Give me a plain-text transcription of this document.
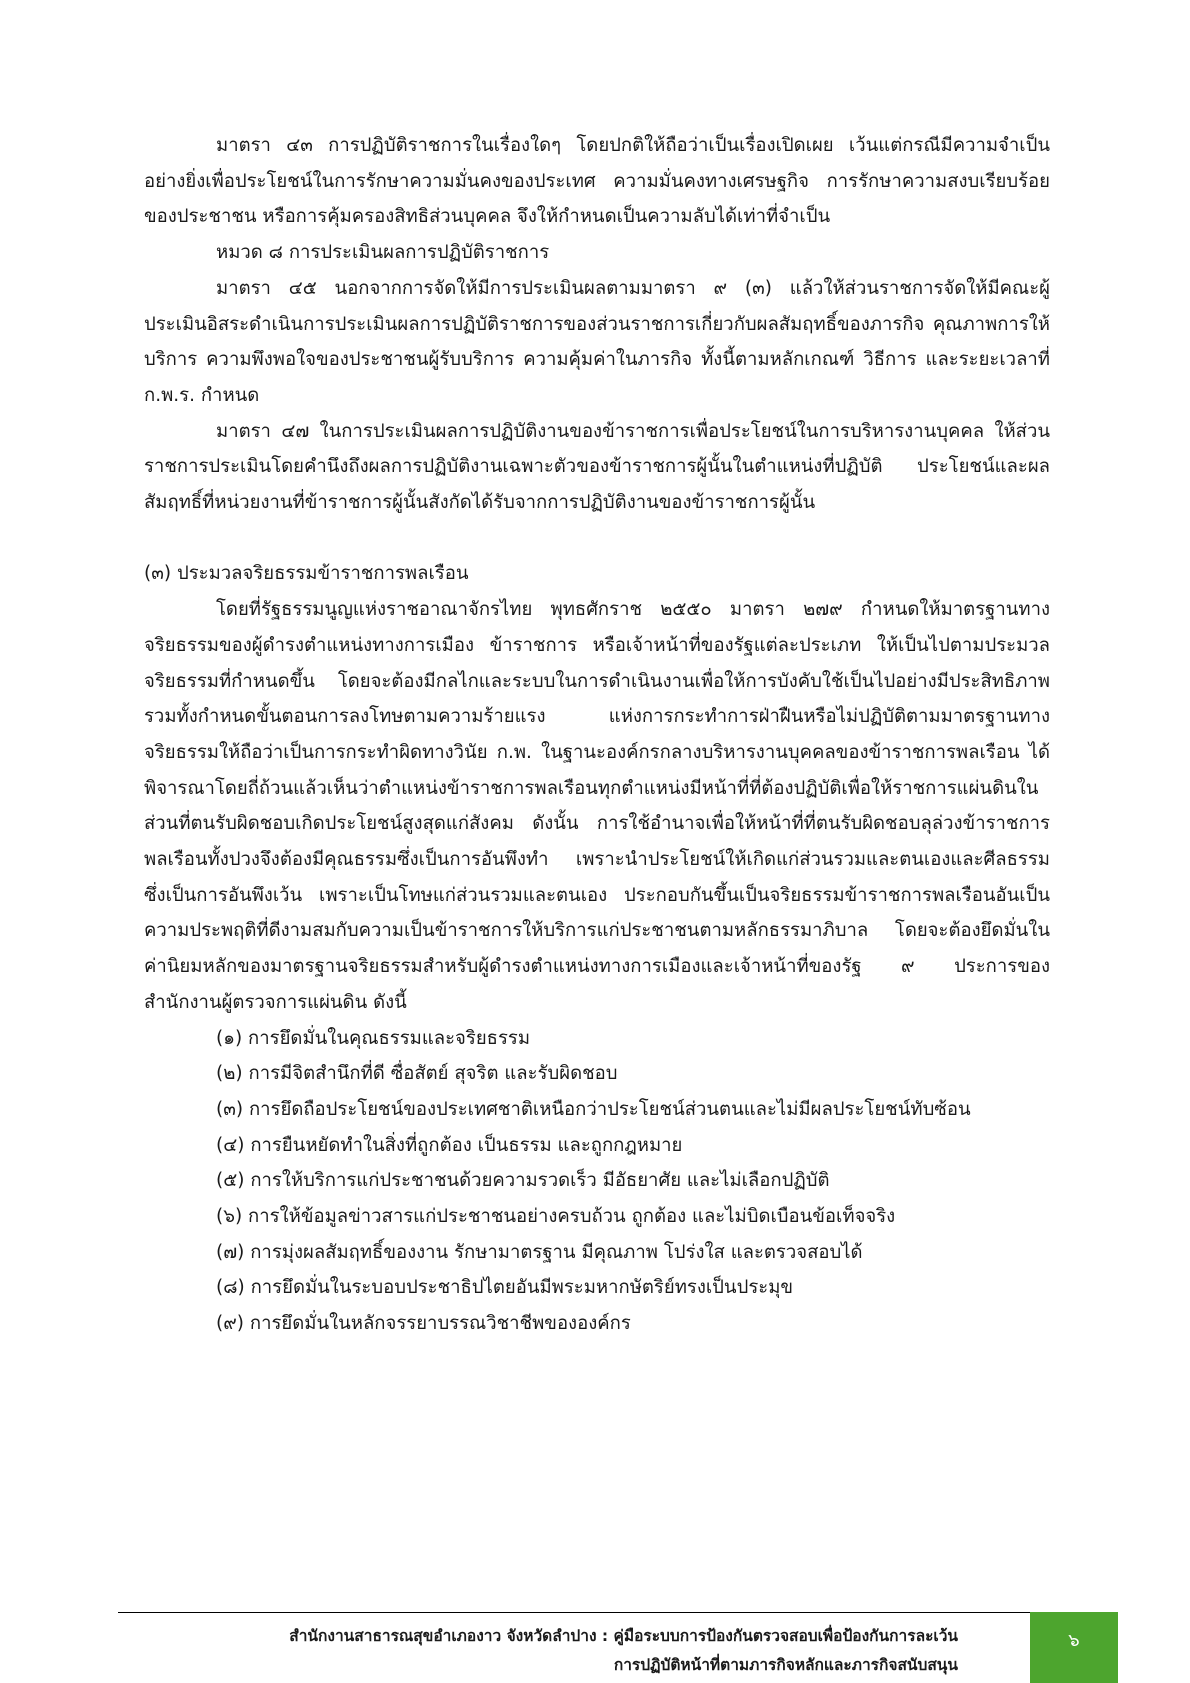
มาตรา ๔๓ การปฏิบัติราชการในเรื่องใดๆ โดยปกติให้ถือว่าเป็นเรื่องเปิดเผย เว้นแต่กรณีมีความจำเป็นอย่างยิ่งเพื่อประโยชน์ในการรักษาความมั่นคงของประเทศ ความมั่นคงทางเศรษฐกิจ การรักษาความสงบเรียบร้อยของประชาชน หรือการคุ้มครองสิทธิส่วนบุคคล จึงให้กำหนดเป็นความลับได้เท่าที่จำเป็น

หมวด ๘ การประเมินผลการปฏิบัติราชการ

มาตรา ๔๕ นอกจากการจัดให้มีการประเมินผลตามมาตรา ๙ (๓) แล้วให้ส่วนราชการจัดให้มีคณะผู้ประเมินอิสระดำเนินการประเมินผลการปฏิบัติราชการของส่วนราชการเกี่ยวกับผลสัมฤทธิ์ของภารกิจ คุณภาพการให้บริการ ความพึงพอใจของประชาชนผู้รับบริการ ความคุ้มค่าในภารกิจ ทั้งนี้ตามหลักเกณฑ์ วิธีการ และระยะเวลาที่ ก.พ.ร. กำหนด

มาตรา ๔๗ ในการประเมินผลการปฏิบัติงานของข้าราชการเพื่อประโยชน์ในการบริหารงานบุคคล ให้ส่วนราชการประเมินโดยคำนึงถึงผลการปฏิบัติงานเฉพาะตัวของข้าราชการผู้นั้นในตำแหน่งที่ปฏิบัติ ประโยชน์และผลสัมฤทธิ์ที่หน่วยงานที่ข้าราชการผู้นั้นสังกัดได้รับจากการปฏิบัติงานของข้าราชการผู้นั้น

(๓) ประมวลจริยธรรมข้าราชการพลเรือน

โดยที่รัฐธรรมนูญแห่งราชอาณาจักรไทย พุทธศักราช ๒๕๕๐ มาตรา ๒๗๙ กำหนดให้มาตรฐานทางจริยธรรมของผู้ดำรงตำแหน่งทางการเมือง ข้าราชการ หรือเจ้าหน้าที่ของรัฐแต่ละประเภท ให้เป็นไปตามประมวลจริยธรรมที่กำหนดขึ้น โดยจะต้องมีกลไกและระบบในการดำเนินงานเพื่อให้การบังคับใช้เป็นไปอย่างมีประสิทธิภาพ รวมทั้งกำหนดขั้นตอนการลงโทษตามความร้ายแรง แห่งการกระทำการฝ่าฝืนหรือไม่ปฏิบัติตามมาตรฐานทางจริยธรรมให้ถือว่าเป็นการกระทำผิดทางวินัย ก.พ. ในฐานะองค์กรกลางบริหารงานบุคคลของข้าราชการพลเรือน ได้พิจารณาโดยถี่ถ้วนแล้วเห็นว่าตำแหน่งข้าราชการพลเรือนทุกตำแหน่งมีหน้าที่ที่ต้องปฏิบัติเพื่อให้ราชการแผ่นดินในส่วนที่ตนรับผิดชอบเกิดประโยชน์สูงสุดแก่สังคม ดังนั้น การใช้อำนาจเพื่อให้หน้าที่ที่ตนรับผิดชอบลุล่วงข้าราชการพลเรือนทั้งปวงจึงต้องมีคุณธรรมซึ่งเป็นการอันพึงทำ เพราะนำประโยชน์ให้เกิดแก่ส่วนรวมและตนเองและศีลธรรมซึ่งเป็นการอันพึงเว้น เพราะเป็นโทษแก่ส่วนรวมและตนเอง ประกอบกันขึ้นเป็นจริยธรรมข้าราชการพลเรือนอันเป็นความประพฤติที่ดีงามสมกับความเป็นข้าราชการให้บริการแก่ประชาชนตามหลักธรรมาภิบาล โดยจะต้องยึดมั่นในค่านิยมหลักของมาตรฐานจริยธรรมสำหรับผู้ดำรงตำแหน่งทางการเมืองและเจ้าหน้าที่ของรัฐ ๙ ประการของสำนักงานผู้ตรวจการแผ่นดิน ดังนี้

(๑) การยึดมั่นในคุณธรรมและจริยธรรม

(๒) การมีจิตสำนึกที่ดี ซื่อสัตย์ สุจริต และรับผิดชอบ

(๓) การยึดถือประโยชน์ของประเทศชาติเหนือกว่าประโยชน์ส่วนตนและไม่มีผลประโยชน์ทับซ้อน

(๔) การยืนหยัดทำในสิ่งที่ถูกต้อง เป็นธรรม และถูกกฎหมาย

(๕) การให้บริการแก่ประชาชนด้วยความรวดเร็ว มีอัธยาศัย และไม่เลือกปฏิบัติ

(๖) การให้ข้อมูลข่าวสารแก่ประชาชนอย่างครบถ้วน ถูกต้อง และไม่บิดเบือนข้อเท็จจริง

(๗) การมุ่งผลสัมฤทธิ์ของงาน รักษามาตรฐาน มีคุณภาพ โปร่งใส และตรวจสอบได้

(๘) การยึดมั่นในระบอบประชาธิปไตยอันมีพระมหากษัตริย์ทรงเป็นประมุข

(๙) การยึดมั่นในหลักจรรยาบรรณวิชาชีพขององค์กร

สำนักงานสาธารณสุขอำเภองาว จังหวัดลำปาง : คู่มือระบบการป้องกันตรวจสอบเพื่อป้องกันการละเว้น
การปฏิบัติหน้าที่ตามภารกิจหลักและภารกิจสนับสนุน
๖
